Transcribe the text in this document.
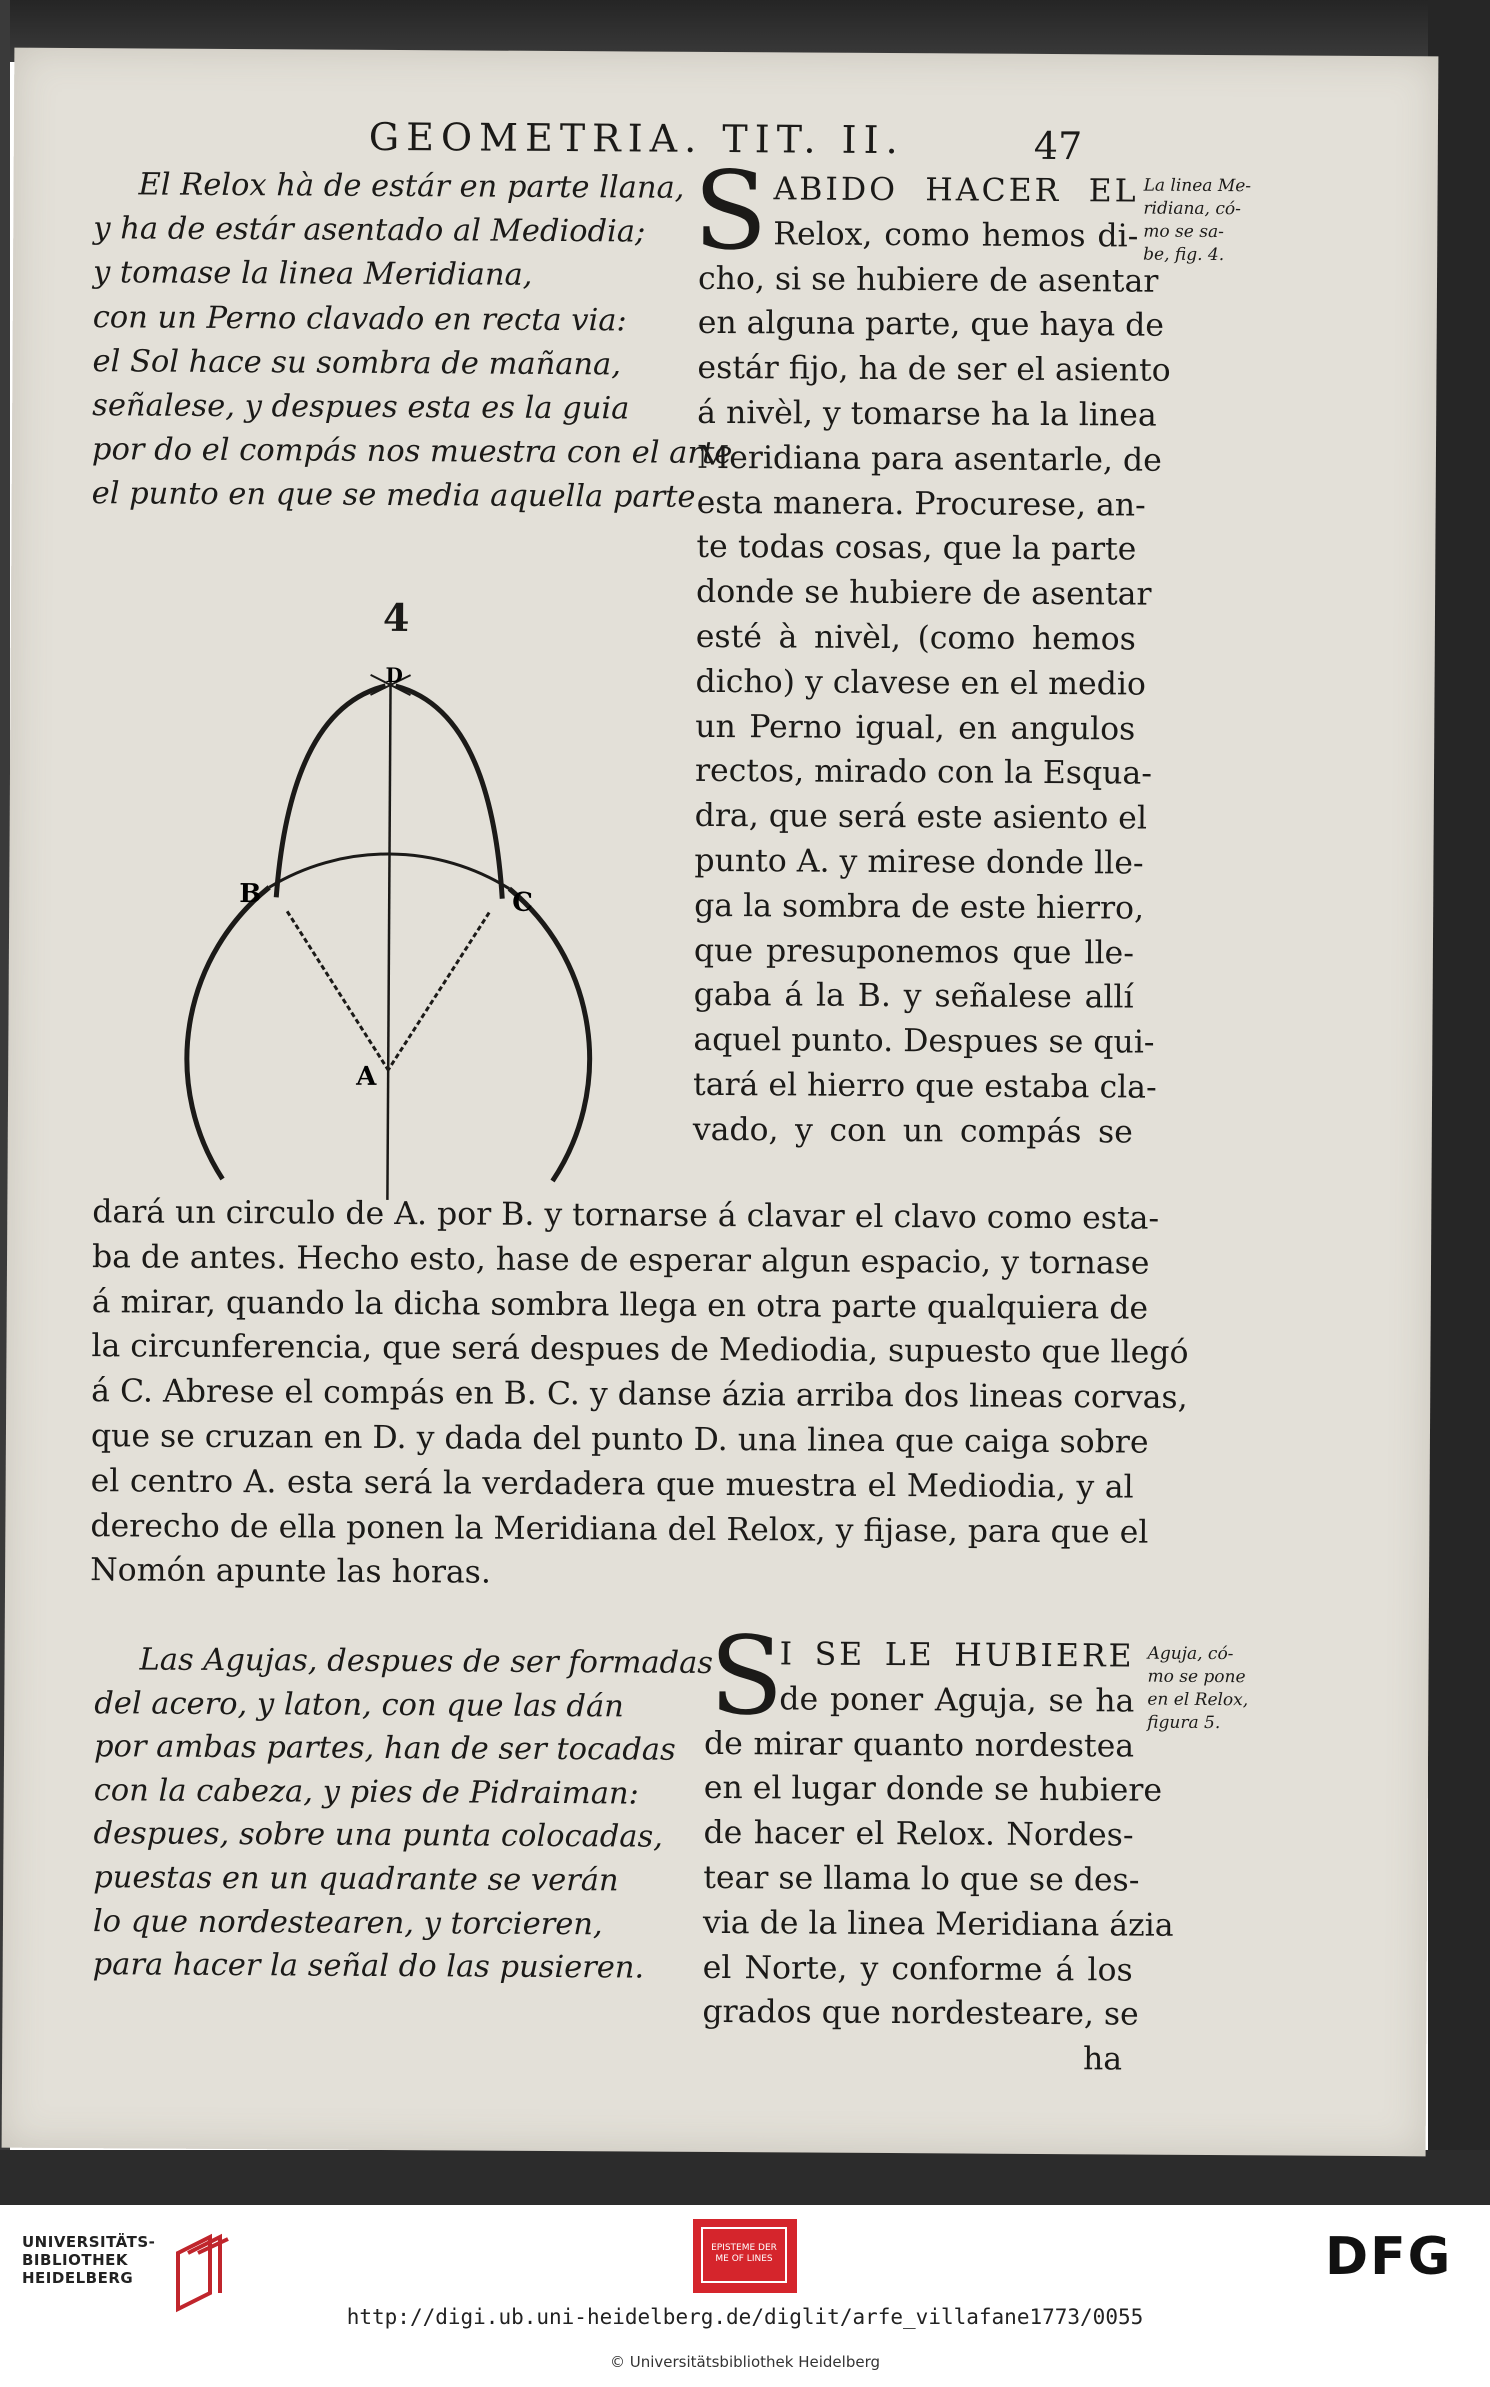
GEOMETRIA. TIT. II.	47
El Relox hà de estár en parte llana,
y ha de estár asentado al Mediodia;
y tomase la linea Meridiana,
con un Perno clavado en recta via:
el Sol hace su sombra de mañana,
señalese, y despues esta es la guia
por do el compás nos muestra con el arte
el punto en que se media aquella parte.
S ABIDO HACER EL
Relox, como hemos di-
cho, si se hubiere de asentar
en alguna parte, que haya de
estár fijo, ha de ser el asiento
á nivèl, y tomarse ha la linea
Meridiana para asentarle, de
esta manera. Procurese, an-
te todas cosas, que la parte
donde se hubiere de asentar
esté à nivèl, (como hemos
dicho) y clavese en el medio
un Perno igual, en angulos
rectos, mirado con la Esqua-
dra, que será este asiento el
punto A. y mirese donde lle-
ga la sombra de este hierro,
que presuponemos que lle-
gaba á la B. y señalese allí
aquel punto. Despues se qui-
tará el hierro que estaba cla-
vado, y con un compás se
La linea Me-
ridiana, có-
mo se sa-
be, fig. 4.
4
D
B	C
A
dará un circulo de A. por B. y tornarse á clavar el clavo como esta-
ba de antes. Hecho esto, hase de esperar algun espacio, y tornase
á mirar, quando la dicha sombra llega en otra parte qualquiera de
la circunferencia, que será despues de Mediodia, supuesto que llegó
á C. Abrese el compás en B. C. y danse ázia arriba dos lineas corvas,
que se cruzan en D. y dada del punto D. una linea que caiga sobre
el centro A. esta será la verdadera que muestra el Mediodia, y al
derecho de ella ponen la Meridiana del Relox, y fijase, para que el
Nomón apunte las horas.
Las Agujas, despues de ser formadas
del acero, y laton, con que las dán
por ambas partes, han de ser tocadas
con la cabeza, y pies de Pidraiman:
despues, sobre una punta colocadas,
puestas en un quadrante se verán
lo que nordestearen, y torcieren,
para hacer la señal do las pusieren.
S
I SE LE HUBIERE
de poner Aguja, se ha
de mirar quanto nordestea
en el lugar donde se hubiere
de hacer el Relox. Nordes-
tear se llama lo que se des-
via de la linea Meridiana ázia
el Norte, y conforme á los
grados que nordesteare, se
ha
Aguja, có-
mo se pone
en el Relox,
figura 5.
UNIVERSITÄTS-
BIBLIOTHEK
HEIDELBERG
EPISTEME DER ME OF LINES	DFG
http://digi.ub.uni-heidelberg.de/diglit/arfe_villafane1773/0055
© Universitätsbibliothek Heidelberg
